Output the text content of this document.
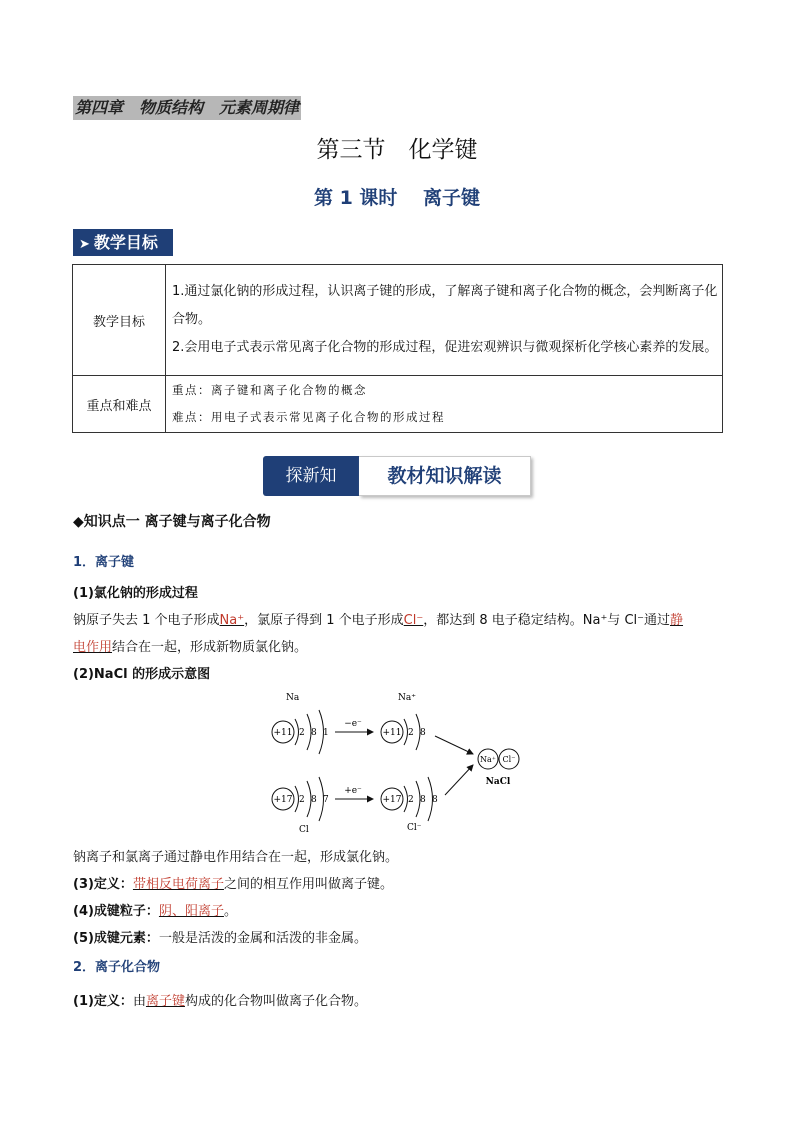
第四章　物质结构　元素周期律
第三节　化学键
第 1 课时　 离子键
➤ 教学目标
教学目标	1.通过氯化钠的形成过程，认识离子键的形成，了解离子键和离子化合物的概念，会判断离子化合物。
2.会用电子式表示常见离子化合物的形成过程，促进宏观辨识与微观探析化学核心素养的发展。

重点和难点	重点：离子键和离子化合物的概念
难点：用电子式表示常见离子化合物的形成过程
探新知	教材知识解读
◆知识点一 离子键与离子化合物
1．离子键
(1)氯化钠的形成过程
钠原子失去 1 个电子形成Na⁺，氯原子得到 1 个电子形成Cl⁻，都达到 8 电子稳定结构。Na⁺与 Cl⁻通过静
电作用结合在一起，形成新物质氯化钠。
(2)NaCl 的形成示意图
Na
+11 2 8 1
−e⁻
Na⁺
+11 2 8
+17 2 8 7
Cl
+e⁻
+17 2 8 8
Cl⁻
Na⁺ Cl⁻
NaCl
钠离子和氯离子通过静电作用结合在一起，形成氯化钠。
(3)定义：带相反电荷离子之间的相互作用叫做离子键。
(4)成键粒子：阴、阳离子。
(5)成键元素：一般是活泼的金属和活泼的非金属。
2．离子化合物
(1)定义：由离子键构成的化合物叫做离子化合物。
